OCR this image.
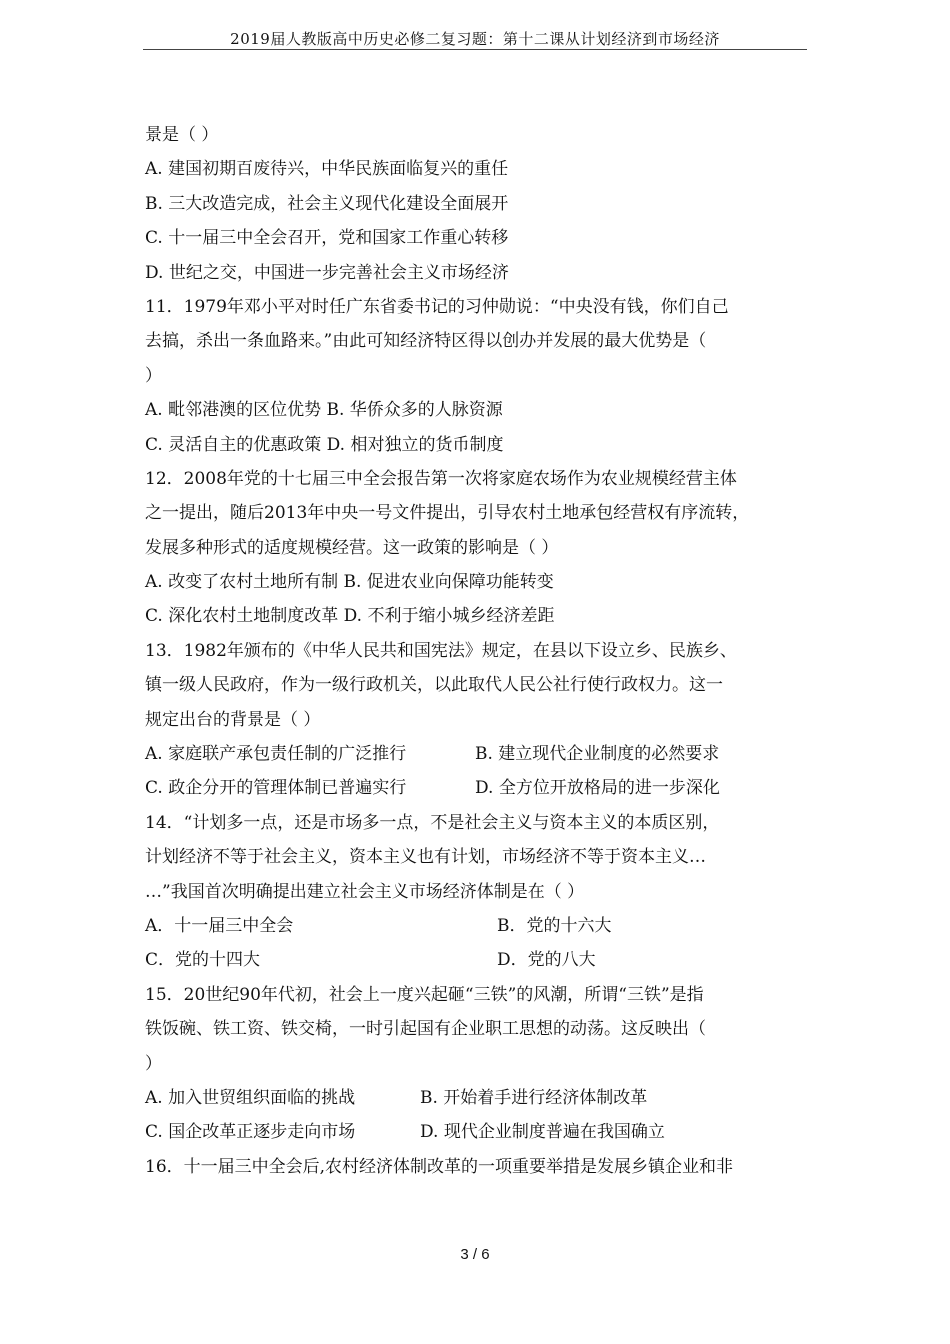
2019届人教版高中历史必修二复习题：第十二课从计划经济到市场经济
景是（ ）
A. 建国初期百废待兴，中华民族面临复兴的重任
B. 三大改造完成，社会主义现代化建设全面展开
C. 十一届三中全会召开，党和国家工作重心转移
D. 世纪之交，中国进一步完善社会主义市场经济
11．1979年邓小平对时任广东省委书记的习仲勋说：“中央没有钱，你们自己
去搞，杀出一条血路来。”由此可知经济特区得以创办并发展的最大优势是（
）
A. 毗邻港澳的区位优势 B. 华侨众多的人脉资源
C. 灵活自主的优惠政策 D. 相对独立的货币制度
12．2008年党的十七届三中全会报告第一次将家庭农场作为农业规模经营主体
之一提出，随后2013年中央一号文件提出，引导农村土地承包经营权有序流转，
发展多种形式的适度规模经营。这一政策的影响是（ ）
A. 改变了农村土地所有制 B. 促进农业向保障功能转变
C. 深化农村土地制度改革 D. 不利于缩小城乡经济差距
13．1982年颁布的《中华人民共和国宪法》规定，在县以下设立乡、民族乡、
镇一级人民政府，作为一级行政机关，以此取代人民公社行使行政权力。这一
规定出台的背景是（ ）
A. 家庭联产承包责任制的广泛推行	B. 建立现代企业制度的必然要求
C. 政企分开的管理体制已普遍实行	D. 全方位开放格局的进一步深化
14．“计划多一点，还是市场多一点，不是社会主义与资本主义的本质区别，
计划经济不等于社会主义，资本主义也有计划，市场经济不等于资本主义…
…”我国首次明确提出建立社会主义市场经济体制是在（ ）
A．十一届三中全会	B．党的十六大
C．党的十四大	D．党的八大
15．20世纪90年代初，社会上一度兴起砸“三铁”的风潮，所谓“三铁”是指
铁饭碗、铁工资、铁交椅，一时引起国有企业职工思想的动荡。这反映出（
）
A. 加入世贸组织面临的挑战	B. 开始着手进行经济体制改革
C. 国企改革正逐步走向市场	D. 现代企业制度普遍在我国确立
16．十一届三中全会后,农村经济体制改革的一项重要举措是发展乡镇企业和非
3 / 6
